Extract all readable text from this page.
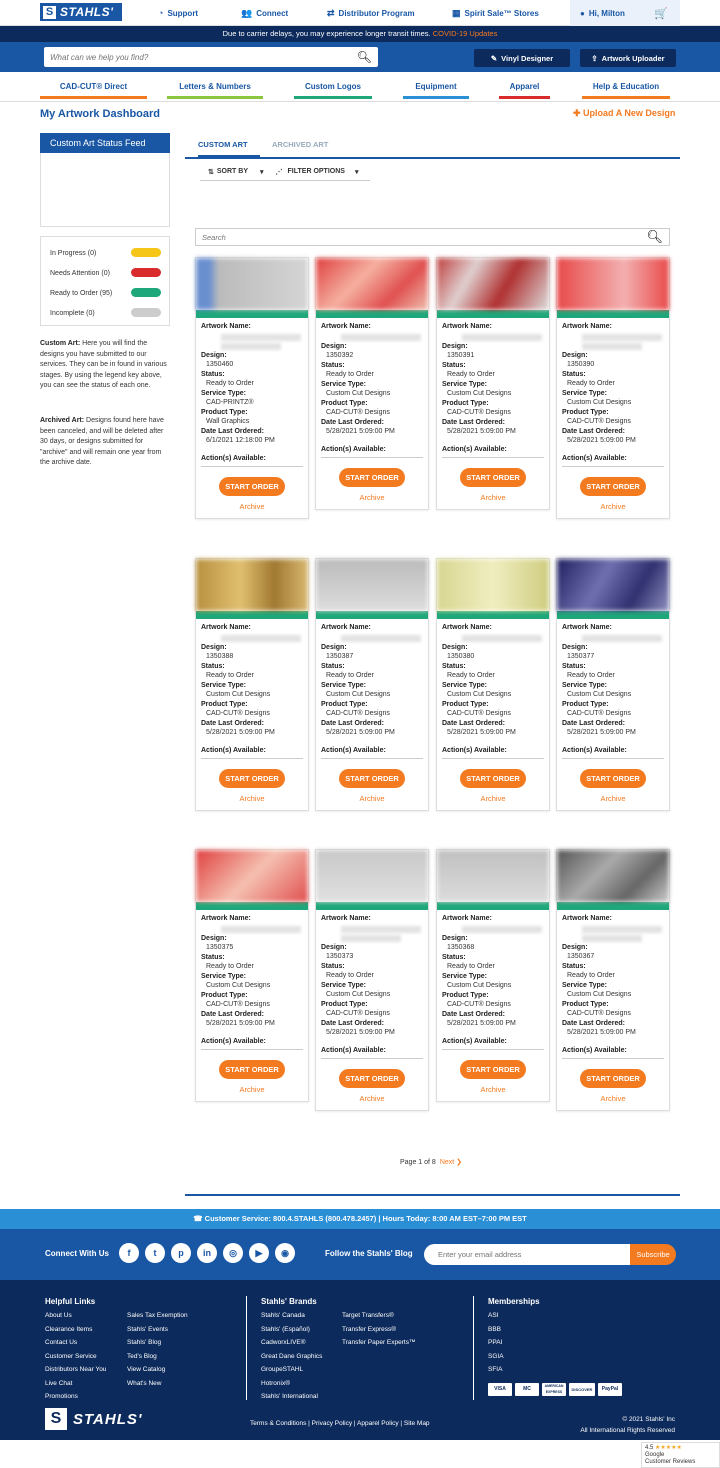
S STAHLS'	◔ Support	👥 Connect	⇄ Distributor Program	▦ Spirit Sale™ Stores	● Hi, Milton	🛒
Due to carrier delays, you may experience longer transit times. COVID-19 Updates
What can we help you find?
🔍︎	✎ Vinyl Designer	⇪ Artwork Uploader
CAD-CUT® Direct	Letters & Numbers	Custom Logos	Equipment	Apparel	Help & Education
My Artwork Dashboard	✚ Upload A New Design
Custom Art Status Feed
In Progress (0)
Needs Attention (0)
Ready to Order (95)
Incomplete (0)
Custom Art: Here you will find the designs you have submitted to our services. They can be in found in various stages. By using the legend key above, you can see the status of each one.
Archived Art: Designs found here have been canceled, and will be deleted after 30 days, or designs submitted for "archive" and will remain one year from the archive date.
CUSTOM ART	ARCHIVED ART
⇅ SORT BY ▾ ⋰ FILTER OPTIONS ▾
Search
🔍︎
Artwork Name:
Design:
1350460
Status:
Ready to Order
Service Type:
CAD-PRINTZ®
Product Type:
Wall Graphics
Date Last Ordered:
6/1/2021 12:18:00 PM
Action(s) Available:
START ORDER
Archive
Artwork Name:
Design:
1350392
Status:
Ready to Order
Service Type:
Custom Cut Designs
Product Type:
CAD-CUT® Designs
Date Last Ordered:
5/28/2021 5:09:00 PM
Action(s) Available:
START ORDER
Archive
Artwork Name:
Design:
1350391
Status:
Ready to Order
Service Type:
Custom Cut Designs
Product Type:
CAD-CUT® Designs
Date Last Ordered:
5/28/2021 5:09:00 PM
Action(s) Available:
START ORDER
Archive
Artwork Name:
Design:
1350390
Status:
Ready to Order
Service Type:
Custom Cut Designs
Product Type:
CAD-CUT® Designs
Date Last Ordered:
5/28/2021 5:09:00 PM
Action(s) Available:
START ORDER
Archive
Artwork Name:
Design:
1350388
Status:
Ready to Order
Service Type:
Custom Cut Designs
Product Type:
CAD-CUT® Designs
Date Last Ordered:
5/28/2021 5:09:00 PM
Action(s) Available:
START ORDER
Archive
Artwork Name:
Design:
1350387
Status:
Ready to Order
Service Type:
Custom Cut Designs
Product Type:
CAD-CUT® Designs
Date Last Ordered:
5/28/2021 5:09:00 PM
Action(s) Available:
START ORDER
Archive
Artwork Name:
Design:
1350380
Status:
Ready to Order
Service Type:
Custom Cut Designs
Product Type:
CAD-CUT® Designs
Date Last Ordered:
5/28/2021 5:09:00 PM
Action(s) Available:
START ORDER
Archive
Artwork Name:
Design:
1350377
Status:
Ready to Order
Service Type:
Custom Cut Designs
Product Type:
CAD-CUT® Designs
Date Last Ordered:
5/28/2021 5:09:00 PM
Action(s) Available:
START ORDER
Archive
Artwork Name:
Design:
1350375
Status:
Ready to Order
Service Type:
Custom Cut Designs
Product Type:
CAD-CUT® Designs
Date Last Ordered:
5/28/2021 5:09:00 PM
Action(s) Available:
START ORDER
Archive
Artwork Name:
Design:
1350373
Status:
Ready to Order
Service Type:
Custom Cut Designs
Product Type:
CAD-CUT® Designs
Date Last Ordered:
5/28/2021 5:09:00 PM
Action(s) Available:
START ORDER
Archive
Artwork Name:
Design:
1350368
Status:
Ready to Order
Service Type:
Custom Cut Designs
Product Type:
CAD-CUT® Designs
Date Last Ordered:
5/28/2021 5:09:00 PM
Action(s) Available:
START ORDER
Archive
Artwork Name:
Design:
1350367
Status:
Ready to Order
Service Type:
Custom Cut Designs
Product Type:
CAD-CUT® Designs
Date Last Ordered:
5/28/2021 5:09:00 PM
Action(s) Available:
START ORDER
Archive
Page 1 of 8 Next ❯
☎ Customer Service: 800.4.STAHLS (800.478.2457) | Hours Today: 8:00 AM EST–7:00 PM EST
Connect With Us	f	t	p	in	◎	▶	◉	Follow the Stahls' Blog
Enter your email address	Subscribe
Helpful Links
About Us
Clearance Items
Contact Us
Customer Service
Distributors Near You
Live Chat
Promotions
Sales Tax Exemption
Stahls' Events
Stahls' Blog
Ted's Blog
View Catalog
What's New
Stahls' Brands
Stahls' Canada
Stahls' (Español)
CadworxLIVE®
Great Dane Graphics
GroupeSTAHL
Hotronix®
Stahls' International
Target Transfers®
Transfer Express®
Transfer Paper Experts™
Memberships
ASI
BBB
PPAI
SGIA
SFIA
VISA	MC	AMERICAN EXPRESS	DISCOVER	PayPal
S STAHLS'	Terms & Conditions | Privacy Policy | Apparel Policy | Site Map
© 2021 Stahls' Inc
All International Rights Reserved
4.5 ★★★★★
Google
Customer Reviews
